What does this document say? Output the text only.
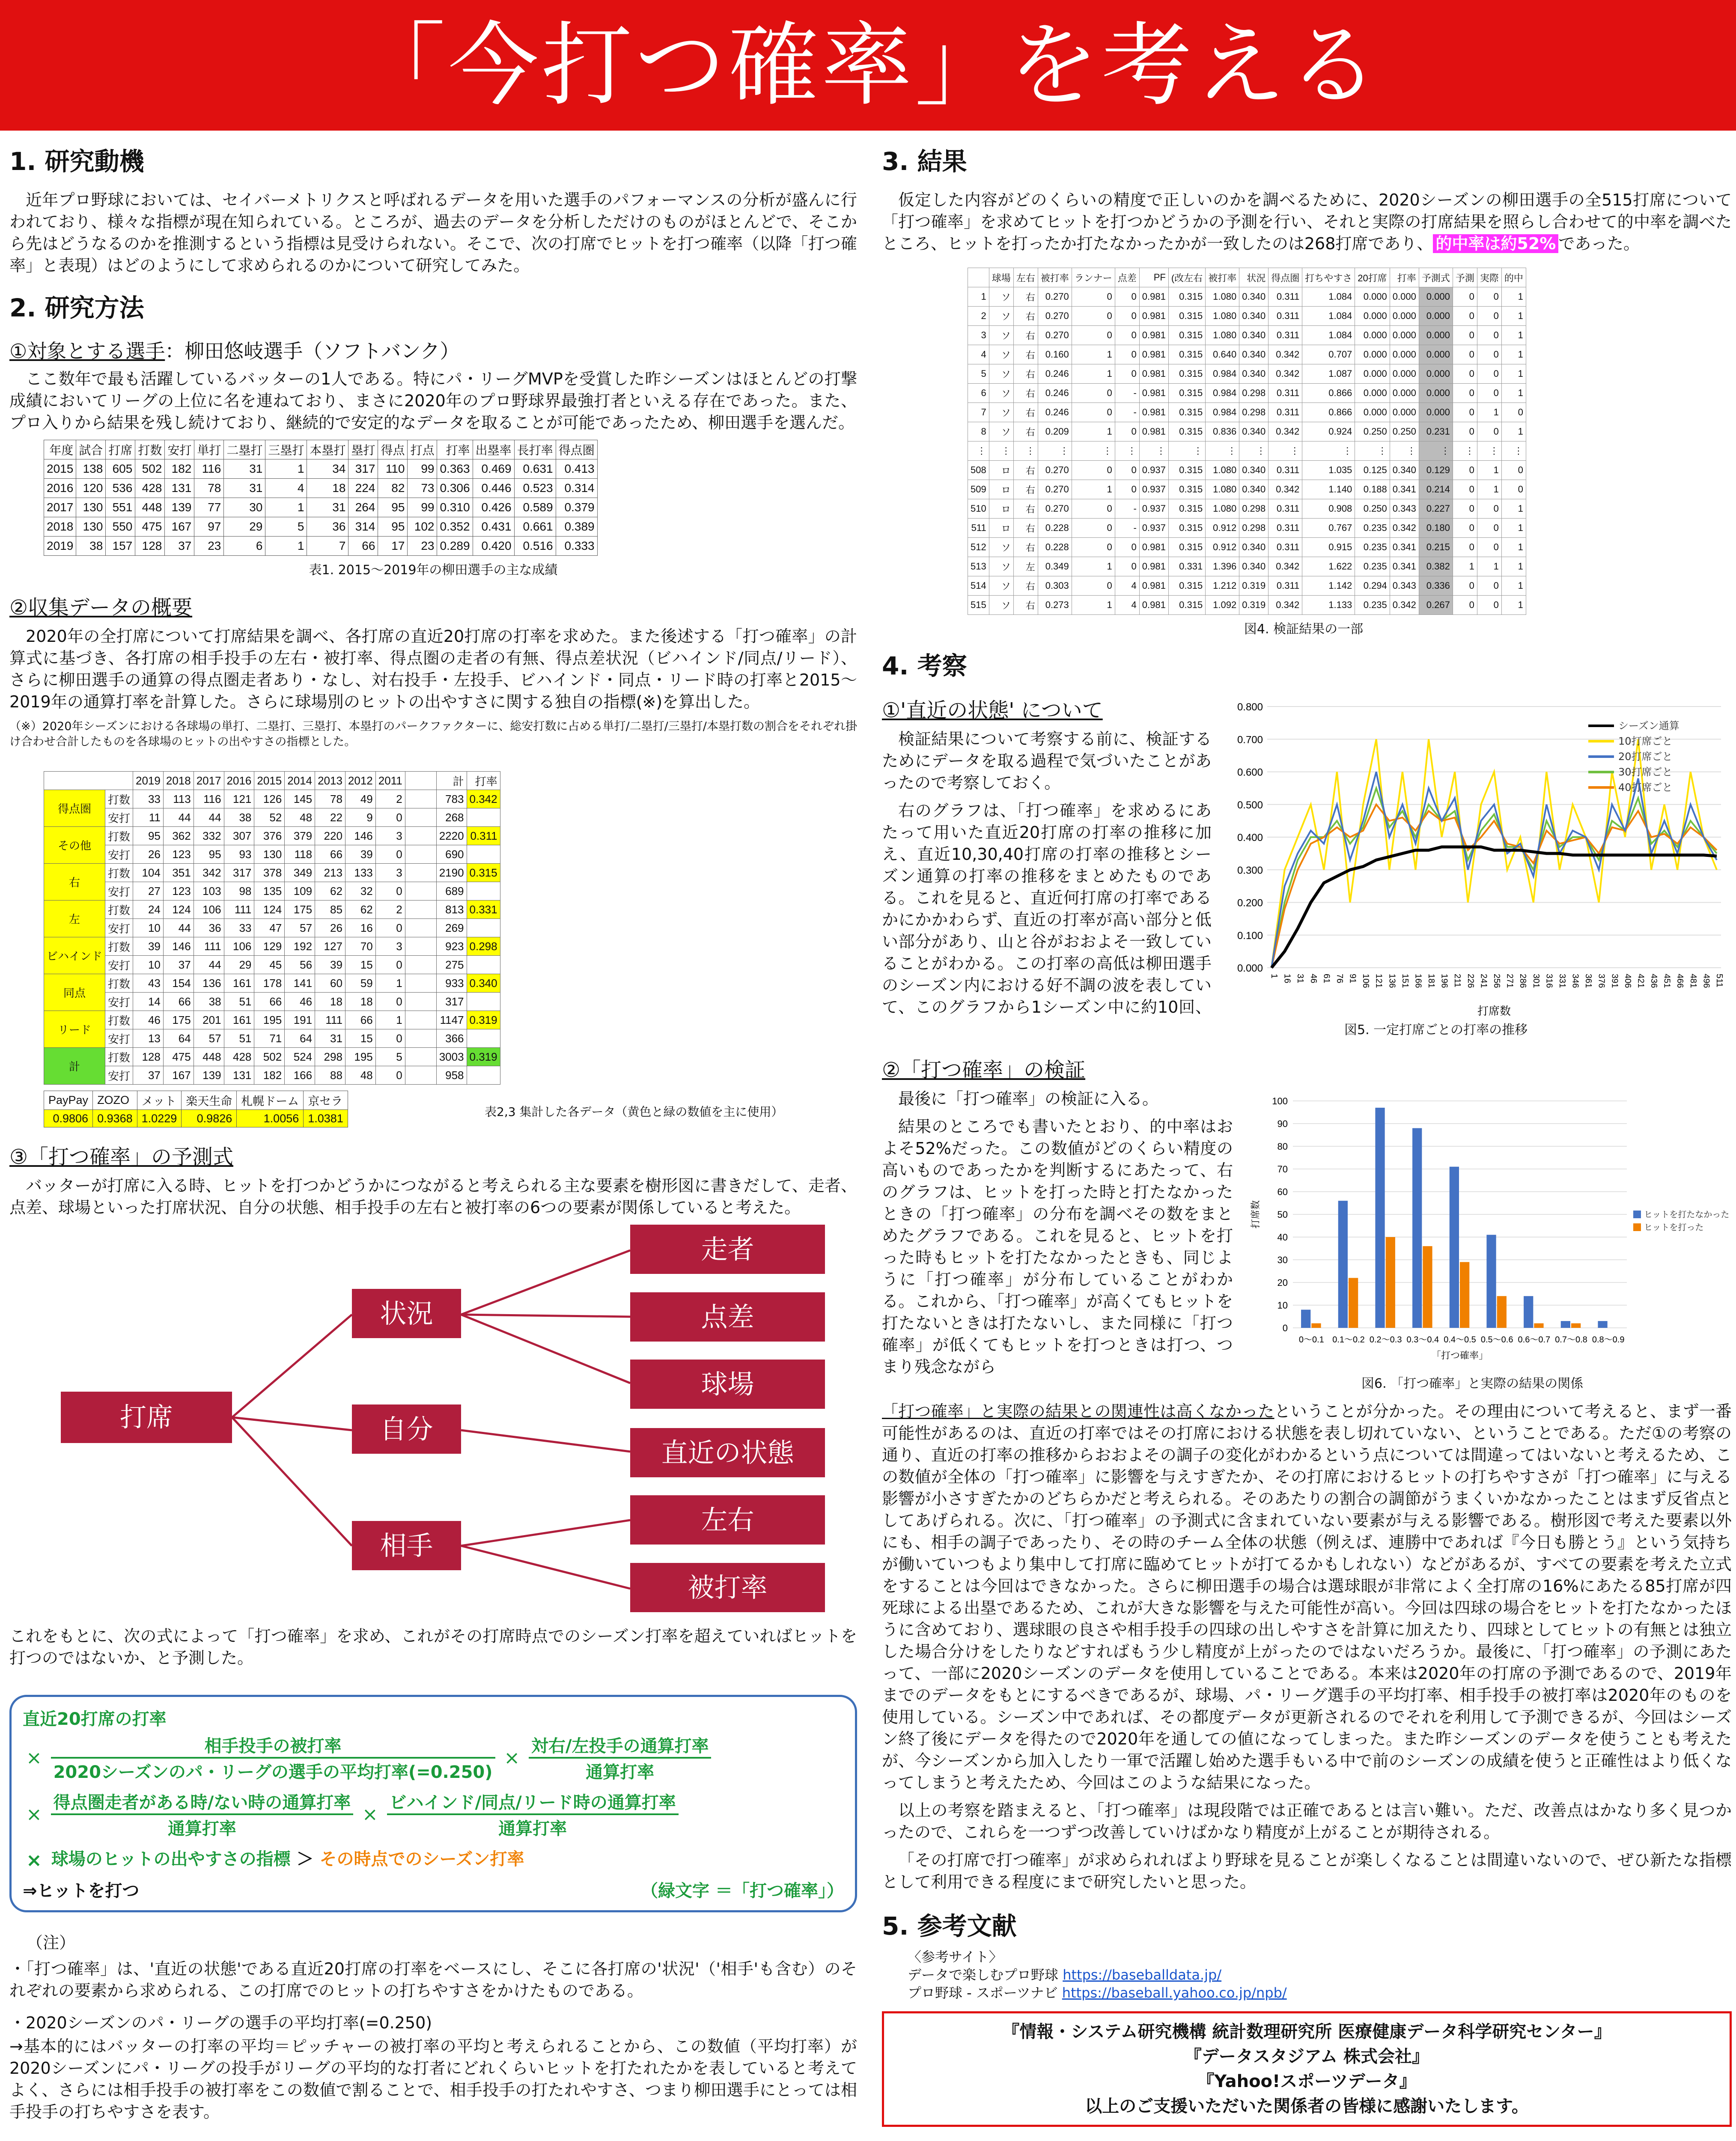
「今打つ確率」を考える
1. 研究動機

近年プロ野球においては、セイバーメトリクスと呼ばれるデータを用いた選手のパフォーマンスの分析が盛んに行われており、様々な指標が現在知られている。ところが、過去のデータを分析しただけのものがほとんどで、そこから先はどうなるのかを推測するという指標は見受けられない。そこで、次の打席でヒットを打つ確率（以降「打つ確率」と表現）はどのようにして求められるのかについて研究してみた。

2. 研究方法
①対象とする選手：柳田悠岐選手（ソフトバンク）

ここ数年で最も活躍しているバッターの1人である。特にパ・リーグMVPを受賞した昨シーズンはほとんどの打撃成績においてリーグの上位に名を連ねており、まさに2020年のプロ野球界最強打者といえる存在であった。また、プロ入りから結果を残し続けており、継続的で安定的なデータを取ることが可能であったため、柳田選手を選んだ。

年度	試合	打席	打数	安打	単打	二塁打	三塁打	本塁打	塁打	得点	打点	打率	出塁率	長打率	得点圏
2015	138	605	502	182	116	31	1	34	317	110	99	0.363	0.469	0.631	0.413
2016	120	536	428	131	78	31	4	18	224	82	73	0.306	0.446	0.523	0.314
2017	130	551	448	139	77	30	1	31	264	95	99	0.310	0.426	0.589	0.379
2018	130	550	475	167	97	29	5	36	314	95	102	0.352	0.431	0.661	0.389
2019	38	157	128	37	23	6	1	7	66	17	23	0.289	0.420	0.516	0.333
表1. 2015～2019年の柳田選手の主な成績
②収集データの概要

2020年の全打席について打席結果を調べ、各打席の直近20打席の打率を求めた。また後述する「打つ確率」の計算式に基づき、各打席の相手投手の左右・被打率、得点圏の走者の有無、得点差状況（ビハインド/同点/リード）、さらに柳田選手の通算の得点圏走者あり・なし、対右投手・左投手、ビハインド・同点・リード時の打率と2015～2019年の通算打率を計算した。さらに球場別のヒットの出やすさに関する独自の指標(※)を算出した。

（※）2020年シーズンにおける各球場の単打、二塁打、三塁打、本塁打のパークファクターに、総安打数に占める単打/二塁打/三塁打/本塁打数の割合をそれぞれ掛け合わせ合計したものを各球場のヒットの出やすさの指標とした。

		2019	2018	2017	2016	2015	2014	2013	2012	2011		計	打率
得点圏	打数	33	113	116	121	126	145	78	49	2		783	0.342
	安打	11	44	44	38	52	48	22	9	0		268	
その他	打数	95	362	332	307	376	379	220	146	3		2220	0.311
	安打	26	123	95	93	130	118	66	39	0		690	
右	打数	104	351	342	317	378	349	213	133	3		2190	0.315
	安打	27	123	103	98	135	109	62	32	0		689	
左	打数	24	124	106	111	124	175	85	62	2		813	0.331
	安打	10	44	36	33	47	57	26	16	0		269	
ビハインド	打数	39	146	111	106	129	192	127	70	3		923	0.298
	安打	10	37	44	29	45	56	39	15	0		275	
同点	打数	43	154	136	161	178	141	60	59	1		933	0.340
	安打	14	66	38	51	66	46	18	18	0		317	
リード	打数	46	175	201	161	195	191	111	66	1		1147	0.319
	安打	13	64	57	51	71	64	31	15	0		366	
計	打数	128	475	448	428	502	524	298	195	5		3003	0.319
	安打	37	167	139	131	182	166	88	48	0		958	
PayPay	ZOZO	メット	楽天生命	札幌ドーム	京セラ
0.9806	0.9368	1.0229	0.9826	1.0056	1.0381	表2,3 集計した各データ（黄色と緑の数値を主に使用）
③「打つ確率」の予測式

バッターが打席に入る時、ヒットを打つかどうかにつながると考えられる主な要素を樹形図に書きだして、走者、点差、球場といった打席状況、自分の状態、相手投手の左右と被打率の6つの要素が関係していると考えた。

打席
状況
自分
相手
走者
点差
球場
直近の状態
左右
被打率

これをもとに、次の式によって「打つ確率」を求め、これがその打席時点でのシーズン打率を超えていればヒットを打つのではないか、と予測した。

直近20打席の打率
× $\frac{\text{相手投手の被打率}}{\text{2020シーズンのパ・リーグの選手の平均打率(=0.250)}} \times \frac{\text{対右/左投手の通算打率}}{\text{通算打率}}$
× $\frac{\text{得点圏走者がある時/ない時の通算打率}}{\text{通算打率}} \times \frac{\text{ビハインド/同点/リード時の通算打率}}{\text{通算打率}}$
× 球場のヒットの出やすさの指標 ＞ その時点でのシーズン打率
⇒ヒットを打つ	（緑文字 ＝「打つ確率」）
（注）

・「打つ確率」は、'直近の状態'である直近20打席の打率をベースにし、そこに各打席の'状況'（'相手'も含む）のそれぞれの要素から求められる、この打席でのヒットの打ちやすさをかけたものである。

・2020シーズンのパ・リーグの選手の平均打率(=0.250)

→基本的にはバッターの打率の平均＝ピッチャーの被打率の平均と考えられることから、この数値（平均打率）が2020シーズンにパ・リーグの投手がリーグの平均的な打者にどれくらいヒットを打たれたかを表していると考えてよく、さらには相手投手の被打率をこの数値で割ることで、相手投手の打たれやすさ、つまり柳田選手にとっては相手投手の打ちやすさを表す。

3. 結果

仮定した内容がどのくらいの精度で正しいのかを調べるために、2020シーズンの柳田選手の全515打席について「打つ確率」を求めてヒットを打つかどうかの予測を行い、それと実際の打席結果を照らし合わせて的中率を調べたところ、ヒットを打ったか打たなかったかが一致したのは268打席であり、 的中率は約52% であった。

	球場	左右	被打率	ランナー	点差	PF	(改左右	被打率	状況	得点圏	打ちやすさ	20打席	打率	予測式	予測	実際	的中
1	ソ	右	0.270	0	0	0.981	0.315	1.080	0.340	0.311	1.084	0.000	0.000	0.000	0	0	1
2	ソ	右	0.270	0	0	0.981	0.315	1.080	0.340	0.311	1.084	0.000	0.000	0.000	0	0	1
3	ソ	右	0.270	0	0	0.981	0.315	1.080	0.340	0.311	1.084	0.000	0.000	0.000	0	0	1
4	ソ	右	0.160	1	0	0.981	0.315	0.640	0.340	0.342	0.707	0.000	0.000	0.000	0	0	1
5	ソ	右	0.246	1	0	0.981	0.315	0.984	0.340	0.342	1.087	0.000	0.000	0.000	0	0	1
6	ソ	右	0.246	0	-	0.981	0.315	0.984	0.298	0.311	0.866	0.000	0.000	0.000	0	0	1
7	ソ	右	0.246	0	-	0.981	0.315	0.984	0.298	0.311	0.866	0.000	0.000	0.000	0	1	0
8	ソ	右	0.209	1	0	0.981	0.315	0.836	0.340	0.342	0.924	0.250	0.250	0.231	0	0	1
⋮	⋮	⋮	⋮	⋮	⋮	⋮	⋮	⋮	⋮	⋮	⋮	⋮	⋮	⋮	⋮	⋮	⋮
508	ロ	右	0.270	0	0	0.937	0.315	1.080	0.340	0.311	1.035	0.125	0.340	0.129	0	1	0
509	ロ	右	0.270	1	0	0.937	0.315	1.080	0.340	0.342	1.140	0.188	0.341	0.214	0	1	0
510	ロ	右	0.270	0	-	0.937	0.315	1.080	0.298	0.311	0.908	0.250	0.343	0.227	0	0	1
511	ロ	右	0.228	0	-	0.937	0.315	0.912	0.298	0.311	0.767	0.235	0.342	0.180	0	0	1
512	ソ	右	0.228	0	0	0.981	0.315	0.912	0.340	0.311	0.915	0.235	0.341	0.215	0	0	1
513	ソ	左	0.349	1	0	0.981	0.331	1.396	0.340	0.342	1.622	0.235	0.341	0.382	1	1	1
514	ソ	右	0.303	0	4	0.981	0.315	1.212	0.319	0.311	1.142	0.294	0.343	0.336	0	0	1
515	ソ	右	0.273	1	4	0.981	0.315	1.092	0.319	0.342	1.133	0.235	0.342	0.267	0	0	1
図4. 検証結果の一部
4. 考察
①'直近の状態' について

検証結果について考察する前に、検証するためにデータを取る過程で気づいたことがあったので考察しておく。

右のグラフは、「打つ確率」を求めるにあたって用いた直近20打席の打率の推移に加え、直近10,30,40打席の打率の推移とシーズン通算の打率の推移をまとめたものである。これを見ると、直近何打席の打率であるかにかかわらず、直近の打率が高い部分と低い部分があり、山と谷がおおよそ一致していることがわかる。この打率の高低は柳田選手のシーズン内における好不調の波を表していて、このグラフから1シーズン中に約10回、

0.000
0.100
0.200
0.300
0.400
0.500
0.600
0.700
0.800
1 16 31 46 61 76 91 106 121 136 151 166 181 196 211 226 241 256 271 286 301 316 331 346 361 376 391 406 421 436 451 466 481 496 511
打席数
シーズン通算
10打席ごと
20打席ごと
30打席ごと
40打席ごと
図5. 一定打席ごとの打率の推移
②「打つ確率」の検証

最後に「打つ確率」の検証に入る。

結果のところでも書いたとおり、的中率はおよそ52%だった。この数値がどのくらい精度の高いものであったかを判断するにあたって、右のグラフは、ヒットを打った時と打たなかったときの「打つ確率」の分布を調べその数をまとめたグラフである。これを見ると、ヒットを打った時もヒットを打たなかったときも、同じように「打つ確率」が分布していることがわかる。これから、「打つ確率」が高くてもヒットを打たないときは打たないし、また同様に「打つ確率」が低くてもヒットを打つときは打つ、つまり残念ながら

0
10
20
30
40
50
60
70
80
90
100
0～0.1 0.1～0.2 0.2～0.3 0.3～0.4 0.4～0.5 0.5～0.6 0.6～0.7 0.7～0.8 0.8～0.9
「打つ確率」
打席数	ヒットを打たなかった
ヒットを打った
図6. 「打つ確率」と実際の結果の関係

「打つ確率」と実際の結果との関連性は高くなかったということが分かった。その理由について考えると、まず一番可能性があるのは、直近の打率ではその打席における状態を表し切れていない、ということである。ただ①の考察の通り、直近の打率の推移からおおよその調子の変化がわかるという点については間違ってはいないと考えるため、この数値が全体の「打つ確率」に影響を与えすぎたか、その打席におけるヒットの打ちやすさが「打つ確率」に与える影響が小さすぎたかのどちらかだと考えられる。そのあたりの割合の調節がうまくいかなかったことはまず反省点としてあげられる。次に、「打つ確率」の予測式に含まれていない要素が与える影響である。樹形図で考えた要素以外にも、相手の調子であったり、その時のチーム全体の状態（例えば、連勝中であれば『今日も勝とう』という気持ちが働いていつもより集中して打席に臨めてヒットが打てるかもしれない）などがあるが、すべての要素を考えた立式をすることは今回はできなかった。さらに柳田選手の場合は選球眼が非常によく全打席の16%にあたる85打席が四死球による出塁であるため、これが大きな影響を与えた可能性が高い。今回は四球の場合をヒットを打たなかったほうに含めており、選球眼の良さや相手投手の四球の出しやすさを計算に加えたり、四球としてヒットの有無とは独立した場合分けをしたりなどすればもう少し精度が上がったのではないだろうか。最後に、「打つ確率」の予測にあたって、一部に2020シーズンのデータを使用していることである。本来は2020年の打席の予測であるので、2019年までのデータをもとにするべきであるが、球場、パ・リーグ選手の平均打率、相手投手の被打率は2020年のものを使用している。シーズン中であれば、その都度データが更新されるのでそれを利用して予測できるが、今回はシーズン終了後にデータを得たので2020年を通しての値になってしまった。また昨シーズンのデータを使うことも考えたが、今シーズンから加入したり一軍で活躍し始めた選手もいる中で前のシーズンの成績を使うと正確性はより低くなってしまうと考えたため、今回はこのような結果になった。

以上の考察を踏まえると、「打つ確率」は現段階では正確であるとは言い難い。ただ、改善点はかなり多く見つかったので、これらを一つずつ改善していけばかなり精度が上がることが期待される。

「その打席で打つ確率」が求められればより野球を見ることが楽しくなることは間違いないので、ぜひ新たな指標として利用できる程度にまで研究したいと思った。

5. 参考文献
〈参考サイト〉
データで楽しむプロ野球 https://baseballdata.jp/
プロ野球 - スポーツナビ https://baseball.yahoo.co.jp/npb/
『情報・システム研究機構 統計数理研究所 医療健康データ科学研究センター』
『データスタジアム 株式会社』
『Yahoo!スポーツデータ』
以上のご支援いただいた関係者の皆様に感謝いたします。
